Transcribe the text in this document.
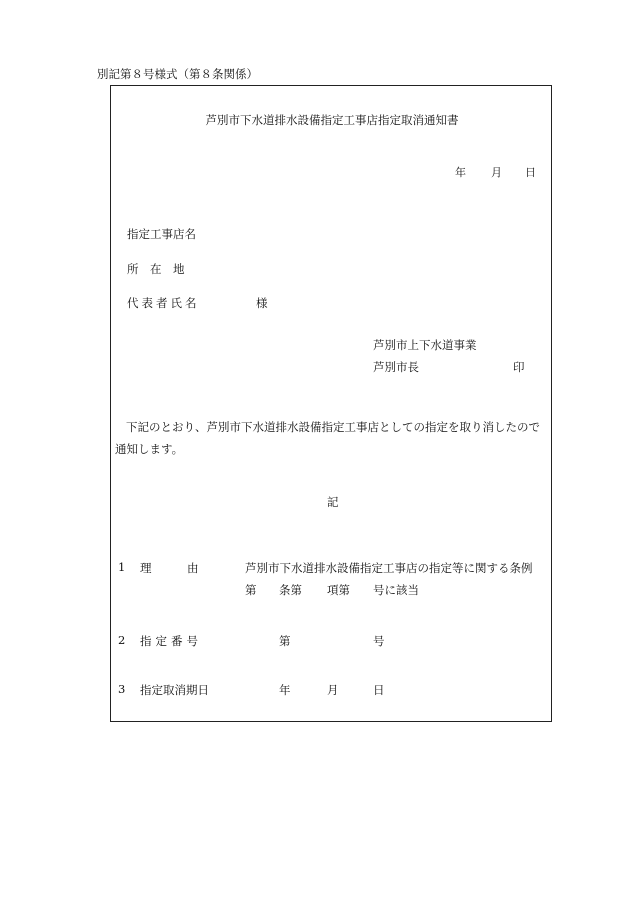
別記第８号様式（第８条関係）
芦別市下水道排水設備指定工事店指定取消通知書
年 月 日
指定工事店名
所　在　地
代表者氏名	様
芦別市上下水道事業
芦別市長	印

下記のとおり、芦別市下水道排水設備指定工事店としての指定を取り消したので

通知します。

記
1 理	由	芦別市下水道排水設備指定工事店の指定等に関する条例
第 条第 項第 号に該当
2 指定番号	第	号
3 指定取消期日	年	月	日
